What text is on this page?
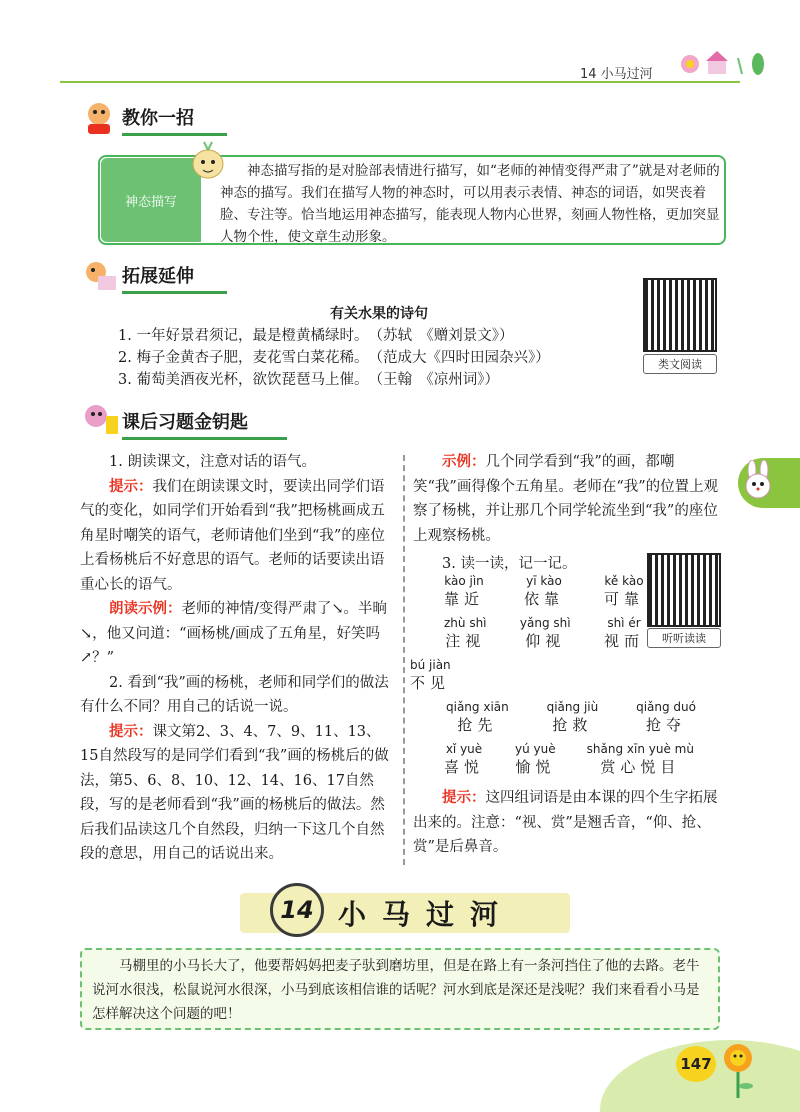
14 小马过河
教你一招
神态描写
神态描写指的是对脸部表情进行描写，如“老师的神情变得严肃了”就是对老师的神态的描写。我们在描写人物的神态时，可以用表示表情、神态的词语，如哭丧着脸、专注等。恰当地运用神态描写，能表现人物内心世界，刻画人物性格，更加突显人物个性，使文章生动形象。
拓展延伸
有关水果的诗句
1. 一年好景君须记，最是橙黄橘绿时。　（苏轼　《赠刘景文》）
2. 梅子金黄杏子肥，麦花雪白菜花稀。　（范成大《四时田园杂兴》）
3. 葡萄美酒夜光杯，欲饮琵琶马上催。　（王翰　《凉州词》）
类文阅读
课后习题金钥匙

1. 朗读课文，注意对话的语气。

提示：我们在朗读课文时，要读出同学们语气的变化，如同学们开始看到“我”把杨桃画成五角星时嘲笑的语气，老师请他们坐到“我”的座位上看杨桃后不好意思的语气。老师的话要读出语重心长的语气。

朗读示例：老师的神情/变得严肃了↘。半晌↘，他又问道：“画杨桃/画成了五角星，好笑吗↗？”

2. 看到“我”画的杨桃，老师和同学们的做法有什么不同？用自己的话说一说。

提示：课文第2、3、4、7、9、11、13、15自然段写的是同学们看到“我”画的杨桃后的做法，第5、6、8、10、12、14、16、17自然段，写的是老师看到“我”画的杨桃后的做法。然后我们品读这几个自然段，归纳一下这几个自然段的意思，用自己的话说出来。

示例：几个同学看到“我”的画，都嘲笑“我”画得像个五角星。老师在“我”的位置上观察了杨桃，并让那几个同学轮流坐到“我”的座位上观察杨桃。

3. 读一读，记一记。

听听读读
kào jìn
靠近
yī kào
依靠
kě kào
可靠
zhù shì
注视
yǎng shì
仰视
shì ér
视而
bú jiàn
不见
qiǎng xiān
抢先
qiǎng jiù
抢救
qiǎng duó
抢夺
xǐ yuè
喜悦
yú yuè
愉悦
shǎng xīn yuè mù
赏心悦目

提示：这四组词语是由本课的四个生字拓展出来的。注意：“视、赏”是翘舌音，“仰、抢、赏”是后鼻音。

14 小马过河
马棚里的小马长大了，他要帮妈妈把麦子驮到磨坊里，但是在路上有一条河挡住了他的去路。老牛说河水很浅，松鼠说河水很深，小马到底该相信谁的话呢？河水到底是深还是浅呢？我们来看看小马是怎样解决这个问题的吧！
147
